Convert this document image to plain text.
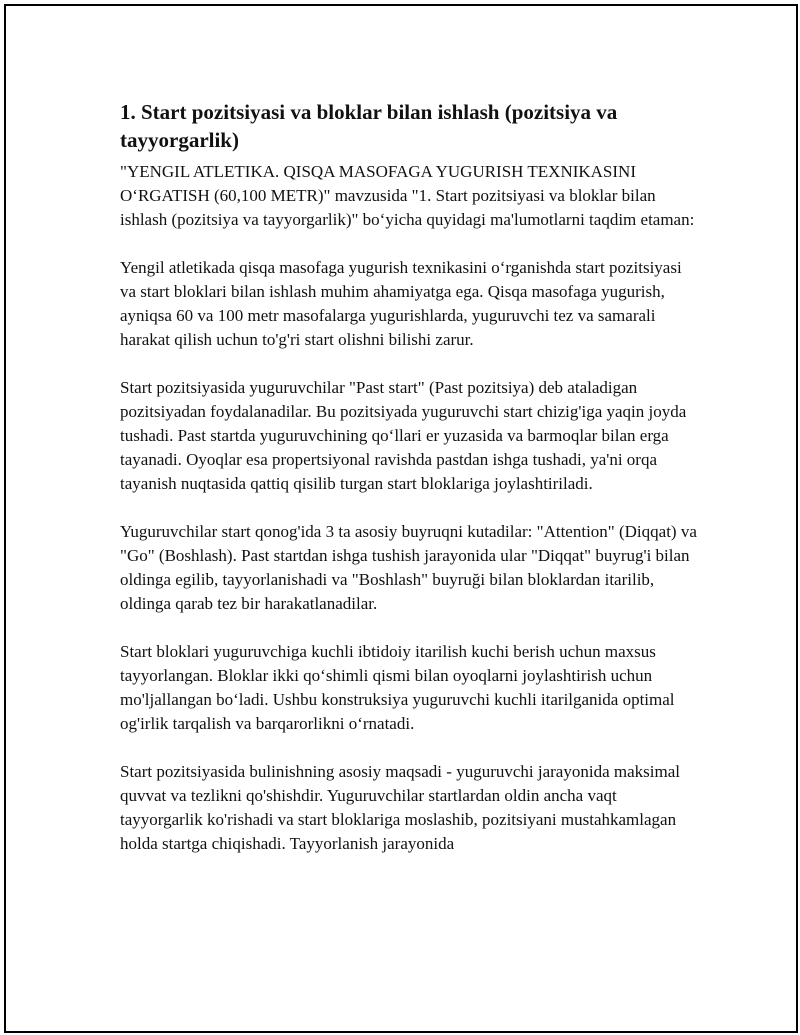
1. Start pozitsiyasi va bloklar bilan ishlash (pozitsiya va tayyorgarlik)

"YENGIL ATLETIKA. QISQA MASOFAGA YUGURISH TEXNIKASINI O‘RGATISH (60,100 METR)" mavzusida "1. Start pozitsiyasi va bloklar bilan ishlash (pozitsiya va tayyorgarlik)" bo‘yicha quyidagi ma'lumotlarni taqdim etaman:

Yengil atletikada qisqa masofaga yugurish texnikasini o‘rganishda start pozitsiyasi va start bloklari bilan ishlash muhim ahamiyatga ega. Qisqa masofaga yugurish, ayniqsa 60 va 100 metr masofalarga yugurishlarda, yuguruvchi tez va samarali harakat qilish uchun to'g'ri start olishni bilishi zarur.

Start pozitsiyasida yuguruvchilar "Past start" (Past pozitsiya) deb ataladigan pozitsiyadan foydalanadilar. Bu pozitsiyada yuguruvchi start chizig'iga yaqin joyda tushadi. Past startda yuguruvchining qo‘llari er yuzasida va barmoqlar bilan erga tayanadi. Oyoqlar esa propertsiyonal ravishda pastdan ishga tushadi, ya'ni orqa tayanish nuqtasida qattiq qisilib turgan start bloklariga joylashtiriladi.

Yuguruvchilar start qonog'ida 3 ta asosiy buyruqni kutadilar: "Attention" (Diqqat) va "Go" (Boshlash). Past startdan ishga tushish jarayonida ular "Diqqat" buyrug'i bilan oldinga egilib, tayyorlanishadi va "Boshlash" buyruği bilan bloklardan itarilib, oldinga qarab tez bir harakatlanadilar.

Start bloklari yuguruvchiga kuchli ibtidoiy itarilish kuchi berish uchun maxsus tayyorlangan. Bloklar ikki qo‘shimli qismi bilan oyoqlarni joylashtirish uchun mo'ljallangan bo‘ladi. Ushbu konstruksiya yuguruvchi kuchli itarilganida optimal og'irlik tarqalish va barqarorlikni o‘rnatadi.

Start pozitsiyasida bulinishning asosiy maqsadi - yuguruvchi jarayonida maksimal quvvat va tezlikni qo'shishdir. Yuguruvchilar startlardan oldin ancha vaqt tayyorgarlik ko'rishadi va start bloklariga moslashib, pozitsiyani mustahkamlagan holda startga chiqishadi. Tayyorlanish jarayonida
